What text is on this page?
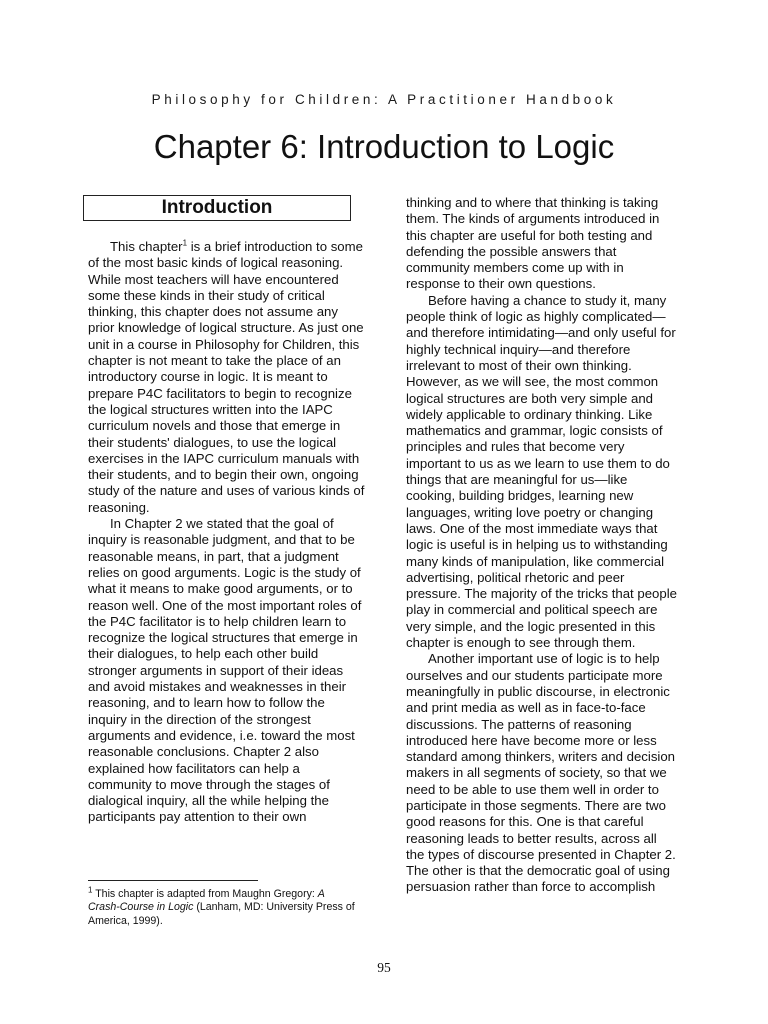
Philosophy for Children: A Practitioner Handbook
Chapter 6: Introduction to Logic
Introduction

This chapter$^1$ is a brief introduction to some of the most basic kinds of logical reasoning. While most teachers will have encountered some these kinds in their study of critical thinking, this chapter does not assume any prior knowledge of logical structure. As just one unit in a course in Philosophy for Children, this chapter is not meant to take the place of an introductory course in logic. It is meant to prepare P4C facilitators to begin to recognize the logical structures written into the IAPC curriculum novels and those that emerge in their students' dialogues, to use the logical exercises in the IAPC curriculum manuals with their students, and to begin their own, ongoing study of the nature and uses of various kinds of reasoning.

In Chapter 2 we stated that the goal of inquiry is reasonable judgment, and that to be reasonable means, in part, that a judgment relies on good arguments. Logic is the study of what it means to make good arguments, or to reason well. One of the most important roles of the P4C facilitator is to help children learn to recognize the logical structures that emerge in their dialogues, to help each other build stronger arguments in support of their ideas and avoid mistakes and weaknesses in their reasoning, and to learn how to follow the inquiry in the direction of the strongest arguments and evidence, i.e. toward the most reasonable conclusions. Chapter 2 also explained how facilitators can help a community to move through the stages of dialogical inquiry, all the while helping the participants pay attention to their own

thinking and to where that thinking is taking them. The kinds of arguments introduced in this chapter are useful for both testing and defending the possible answers that community members come up with in response to their own questions.

Before having a chance to study it, many people think of logic as highly complicated—and therefore intimidating—and only useful for highly technical inquiry—and therefore irrelevant to most of their own thinking. However, as we will see, the most common logical structures are both very simple and widely applicable to ordinary thinking. Like mathematics and grammar, logic consists of principles and rules that become very important to us as we learn to use them to do things that are meaningful for us—like cooking, building bridges, learning new languages, writing love poetry or changing laws. One of the most immediate ways that logic is useful is in helping us to withstanding many kinds of manipulation, like commercial advertising, political rhetoric and peer pressure. The majority of the tricks that people play in commercial and political speech are very simple, and the logic presented in this chapter is enough to see through them.

Another important use of logic is to help ourselves and our students participate more meaningfully in public discourse, in electronic and print media as well as in face-to-face discussions. The patterns of reasoning introduced here have become more or less standard among thinkers, writers and decision makers in all segments of society, so that we need to be able to use them well in order to participate in those segments. There are two good reasons for this. One is that careful reasoning leads to better results, across all the types of discourse presented in Chapter 2. The other is that the democratic goal of using persuasion rather than force to accomplish

$^1$ This chapter is adapted from Maughn Gregory: A Crash-Course in Logic (Lanham, MD: University Press of America, 1999).
95
